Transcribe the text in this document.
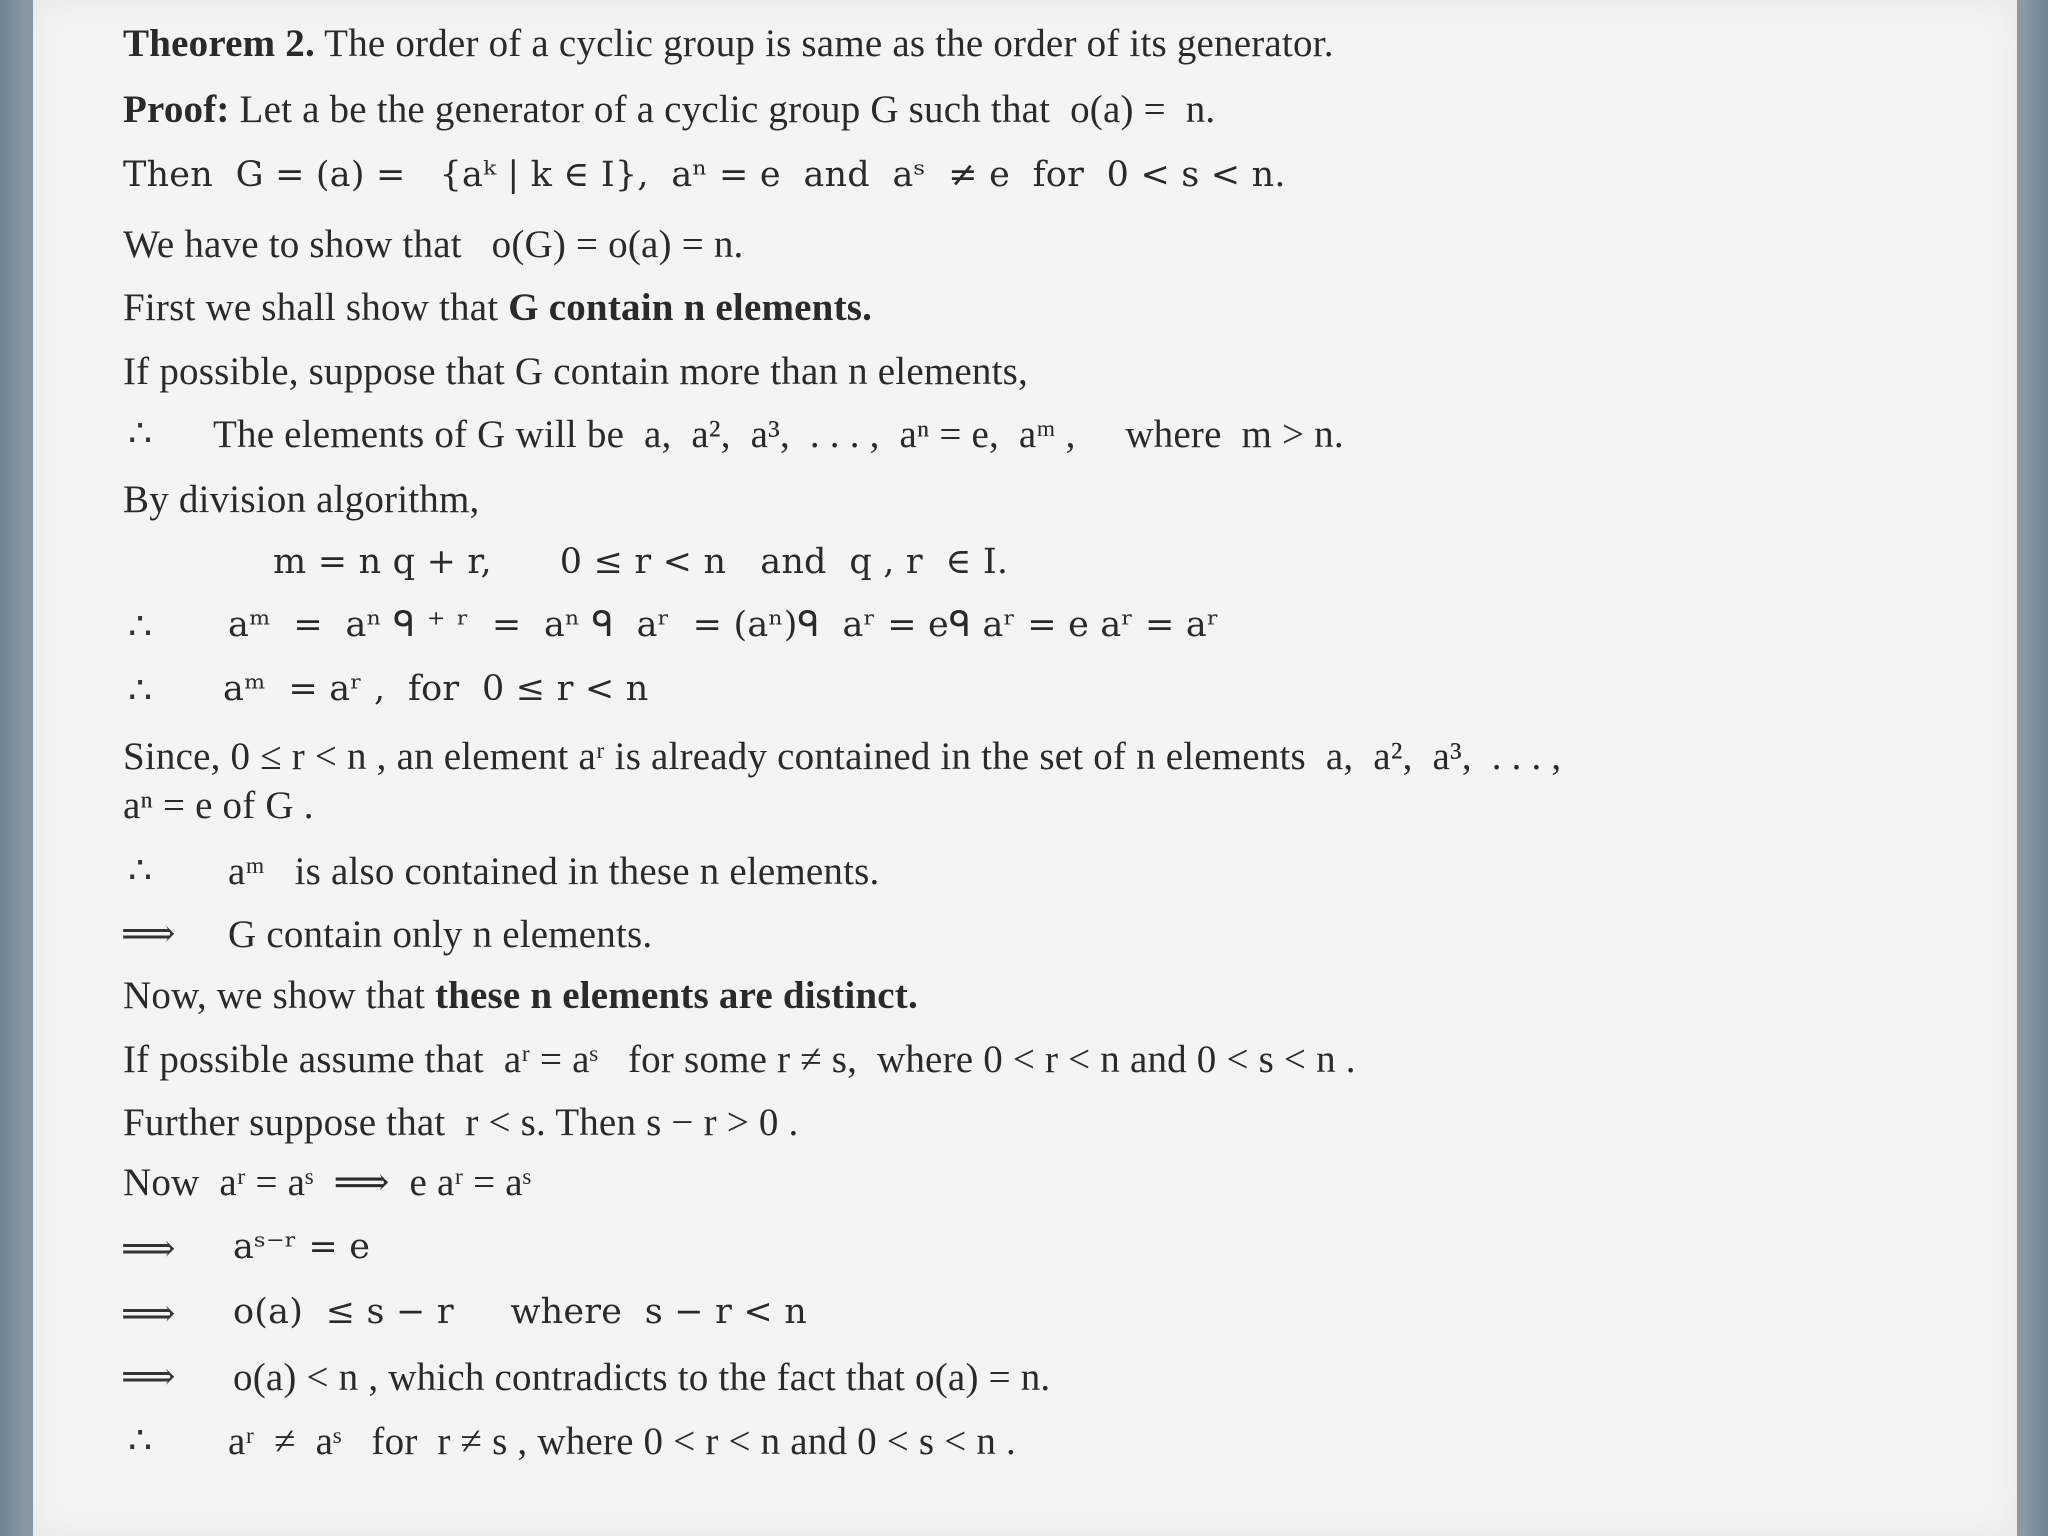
Theorem 2. The order of a cyclic group is same as the order of its generator.
Proof: Let a be the generator of a cyclic group G such that  o(a) =  n.
Then  G = (a) =   {aᵏ | k ∈ I},  aⁿ = e  and  aˢ  ≠ e  for  0 < s < n.
We have to show that   o(G) = o(a) = n.
First we shall show that G contain n elements.
If possible, suppose that G contain more than n elements,
∴ The elements of G will be  a,  a²,  a³,  . . . ,  aⁿ = e,  aᵐ ,     where  m > n.
By division algorithm,
m = n q + r,      0 ≤ r < n   and  q , r  ∈ I.
∴ aᵐ  =  aⁿ ᑫ ⁺ ʳ  =  aⁿ ᑫ  aʳ  = (aⁿ)ᑫ  aʳ = eᑫ aʳ = e aʳ = aʳ
∴ aᵐ  = aʳ ,  for  0 ≤ r < n
Since, 0 ≤ r < n , an element aʳ is already contained in the set of n elements  a,  a²,  a³,  . . . ,
aⁿ = e of G .
∴ aᵐ   is also contained in these n elements.
⟹ G contain only n elements.
Now, we show that these n elements are distinct.
If possible assume that  aʳ = aˢ   for some r ≠ s,  where 0 < r < n and 0 < s < n .
Further suppose that  r < s. Then s − r > 0 .
Now  aʳ = aˢ  ⟹  e aʳ = aˢ
⟹ aˢ⁻ʳ = e
⟹ o(a)  ≤ s − r     where  s − r < n
⟹ o(a) < n , which contradicts to the fact that o(a) = n.
∴ aʳ  ≠  aˢ   for  r ≠ s , where 0 < r < n and 0 < s < n .
